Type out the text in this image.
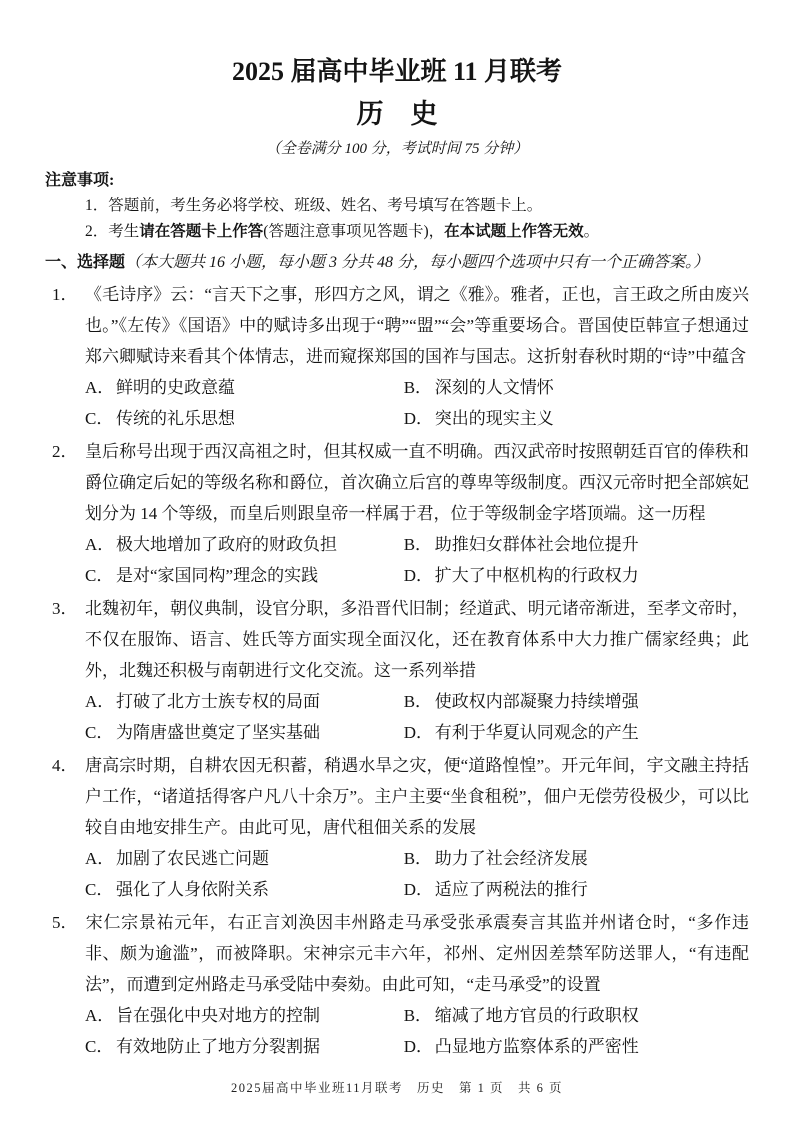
2025 届高中毕业班 11 月联考
历　史
（全卷满分 100 分，考试时间 75 分钟）
注意事项:
1．答题前，考生务必将学校、班级、姓名、考号填写在答题卡上。
2．考生请在答题卡上作答(答题注意事项见答题卡)，在本试题上作答无效。
一、选择题（本大题共 16 小题，每小题 3 分共 48 分，每小题四个选项中只有一个正确答案。）
1． 《毛诗序》云：“言天下之事，形四方之风，谓之《雅》。雅者，正也，言王政之所由废兴也。”《左传》《国语》中的赋诗多出现于“聘”“盟”“会”等重要场合。晋国使臣韩宣子想通过郑六卿赋诗来看其个体情志，进而窥探郑国的国祚与国志。这折射春秋时期的“诗”中蕴含
A． 鲜明的史政意蕴	B． 深刻的人文情怀
C． 传统的礼乐思想	D． 突出的现实主义
2． 皇后称号出现于西汉高祖之时，但其权威一直不明确。西汉武帝时按照朝廷百官的俸秩和爵位确定后妃的等级名称和爵位，首次确立后宫的尊卑等级制度。西汉元帝时把全部嫔妃划分为 14 个等级，而皇后则跟皇帝一样属于君，位于等级制金字塔顶端。这一历程
A． 极大地增加了政府的财政负担	B． 助推妇女群体社会地位提升
C． 是对“家国同构”理念的实践	D． 扩大了中枢机构的行政权力
3． 北魏初年，朝仪典制，设官分职，多沿晋代旧制；经道武、明元诸帝渐进，至孝文帝时，不仅在服饰、语言、姓氏等方面实现全面汉化，还在教育体系中大力推广儒家经典；此外，北魏还积极与南朝进行文化交流。这一系列举措
A． 打破了北方士族专权的局面	B． 使政权内部凝聚力持续增强
C． 为隋唐盛世奠定了坚实基础	D． 有利于华夏认同观念的产生
4． 唐高宗时期，自耕农因无积蓄，稍遇水旱之灾，便“道路惶惶”。开元年间，宇文融主持括户工作，“诸道括得客户凡八十余万”。主户主要“坐食租税”，佃户无偿劳役极少，可以比较自由地安排生产。由此可见，唐代租佃关系的发展
A． 加剧了农民逃亡问题	B． 助力了社会经济发展
C． 强化了人身依附关系	D． 适应了两税法的推行
5． 宋仁宗景祐元年，右正言刘涣因丰州路走马承受张承震奏言其监并州诸仓时，“多作违非、颇为逾滥”，而被降职。宋神宗元丰六年，祁州、定州因差禁军防送罪人，“有违配法”，而遭到定州路走马承受陆中奏劾。由此可知，“走马承受”的设置
A． 旨在强化中央对地方的控制	B． 缩减了地方官员的行政职权
C． 有效地防止了地方分裂割据	D． 凸显地方监察体系的严密性
2025届高中毕业班11月联考　历史　第 1 页　共 6 页
